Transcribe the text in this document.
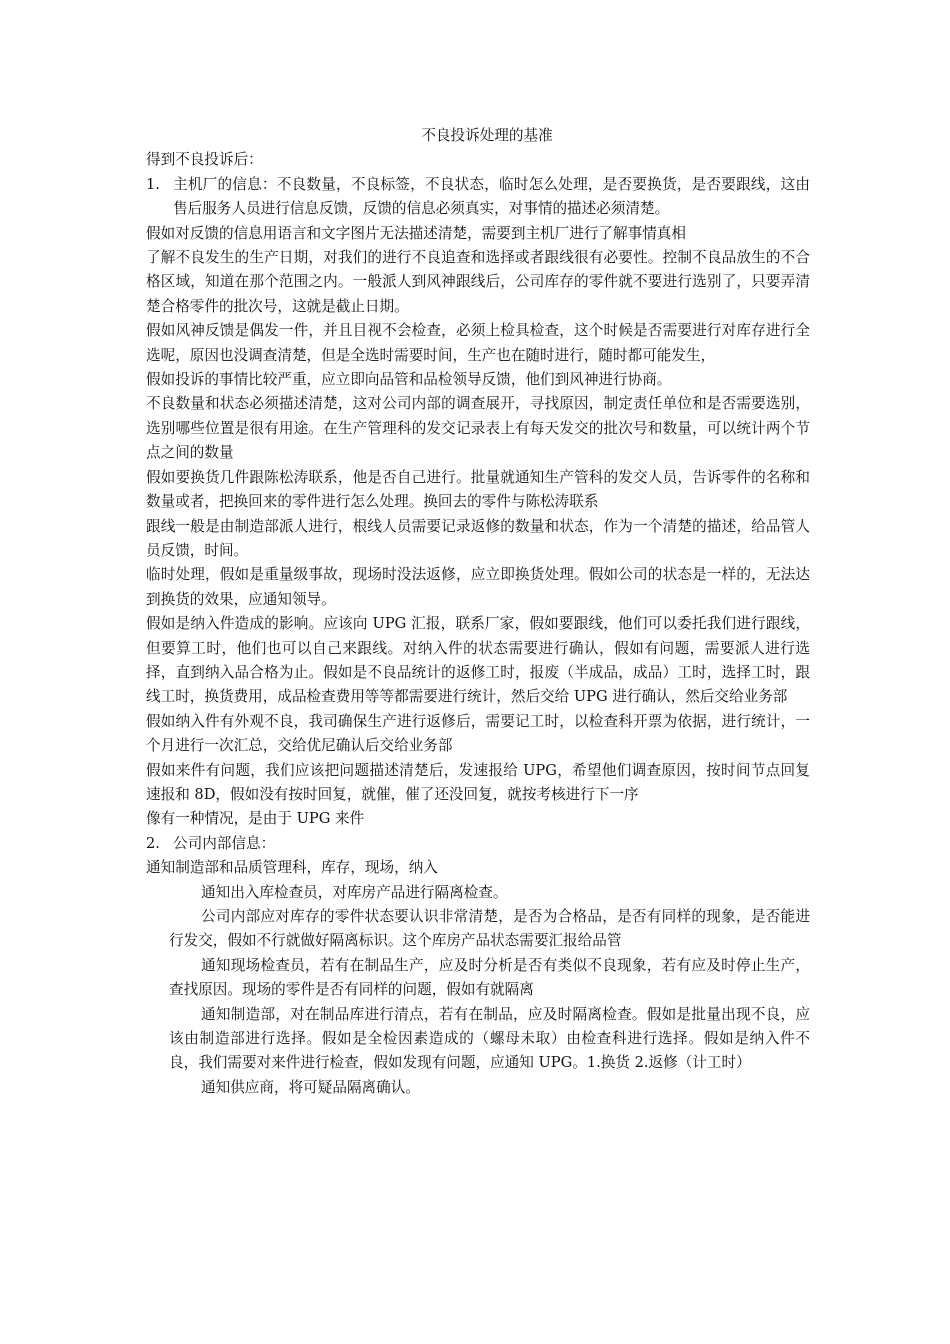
不良投诉处理的基准

得到不良投诉后：

1. 主机厂的信息：不良数量，不良标签，不良状态，临时怎么处理，是否要换货，是否要跟线，这由售后服务人员进行信息反馈，反馈的信息必须真实，对事情的描述必须清楚。

假如对反馈的信息用语言和文字图片无法描述清楚，需要到主机厂进行了解事情真相

了解不良发生的生产日期，对我们的进行不良追查和选择或者跟线很有必要性。控制不良品放生的不合格区域，知道在那个范围之内。一般派人到风神跟线后，公司库存的零件就不要进行选别了，只要弄清楚合格零件的批次号，这就是截止日期。

假如风神反馈是偶发一件，并且目视不会检查，必须上检具检查，这个时候是否需要进行对库存进行全选呢，原因也没调查清楚，但是全选时需要时间，生产也在随时进行，随时都可能发生，

假如投诉的事情比较严重，应立即向品管和品检领导反馈，他们到风神进行协商。

不良数量和状态必须描述清楚，这对公司内部的调查展开，寻找原因，制定责任单位和是否需要选别，选别哪些位置是很有用途。在生产管理科的发交记录表上有每天发交的批次号和数量，可以统计两个节点之间的数量

假如要换货几件跟陈松涛联系，他是否自己进行。批量就通知生产管科的发交人员，告诉零件的名称和数量或者，把换回来的零件进行怎么处理。换回去的零件与陈松涛联系

跟线一般是由制造部派人进行，根线人员需要记录返修的数量和状态，作为一个清楚的描述，给品管人员反馈，时间。

临时处理，假如是重量级事故，现场时没法返修，应立即换货处理。假如公司的状态是一样的，无法达到换货的效果，应通知领导。

假如是纳入件造成的影响。应该向 UPG 汇报，联系厂家，假如要跟线，他们可以委托我们进行跟线，但要算工时，他们也可以自己来跟线。对纳入件的状态需要进行确认，假如有问题，需要派人进行选择，直到纳入品合格为止。假如是不良品统计的返修工时，报废（半成品，成品）工时，选择工时，跟线工时，换货费用，成品检查费用等等都需要进行统计，然后交给 UPG 进行确认，然后交给业务部

假如纳入件有外观不良，我司确保生产进行返修后，需要记工时，以检查科开票为依据，进行统计，一个月进行一次汇总，交给优尼确认后交给业务部

假如来件有问题，我们应该把问题描述清楚后，发速报给 UPG，希望他们调查原因，按时间节点回复速报和 8D，假如没有按时回复，就催，催了还没回复，就按考核进行下一序

像有一种情况，是由于 UPG 来件

2. 公司内部信息：

通知制造部和品质管理科，库存，现场，纳入

通知出入库检查员，对库房产品进行隔离检查。

公司内部应对库存的零件状态要认识非常清楚，是否为合格品，是否有同样的现象，是否能进行发交，假如不行就做好隔离标识。这个库房产品状态需要汇报给品管

通知现场检查员，若有在制品生产，应及时分析是否有类似不良现象，若有应及时停止生产，查找原因。现场的零件是否有同样的问题，假如有就隔离

通知制造部，对在制品库进行清点，若有在制品，应及时隔离检查。假如是批量出现不良，应该由制造部进行选择。假如是全检因素造成的（螺母未取）由检查科进行选择。假如是纳入件不良，我们需要对来件进行检查，假如发现有问题，应通知 UPG。1.换货 2.返修（计工时）

通知供应商，将可疑品隔离确认。
